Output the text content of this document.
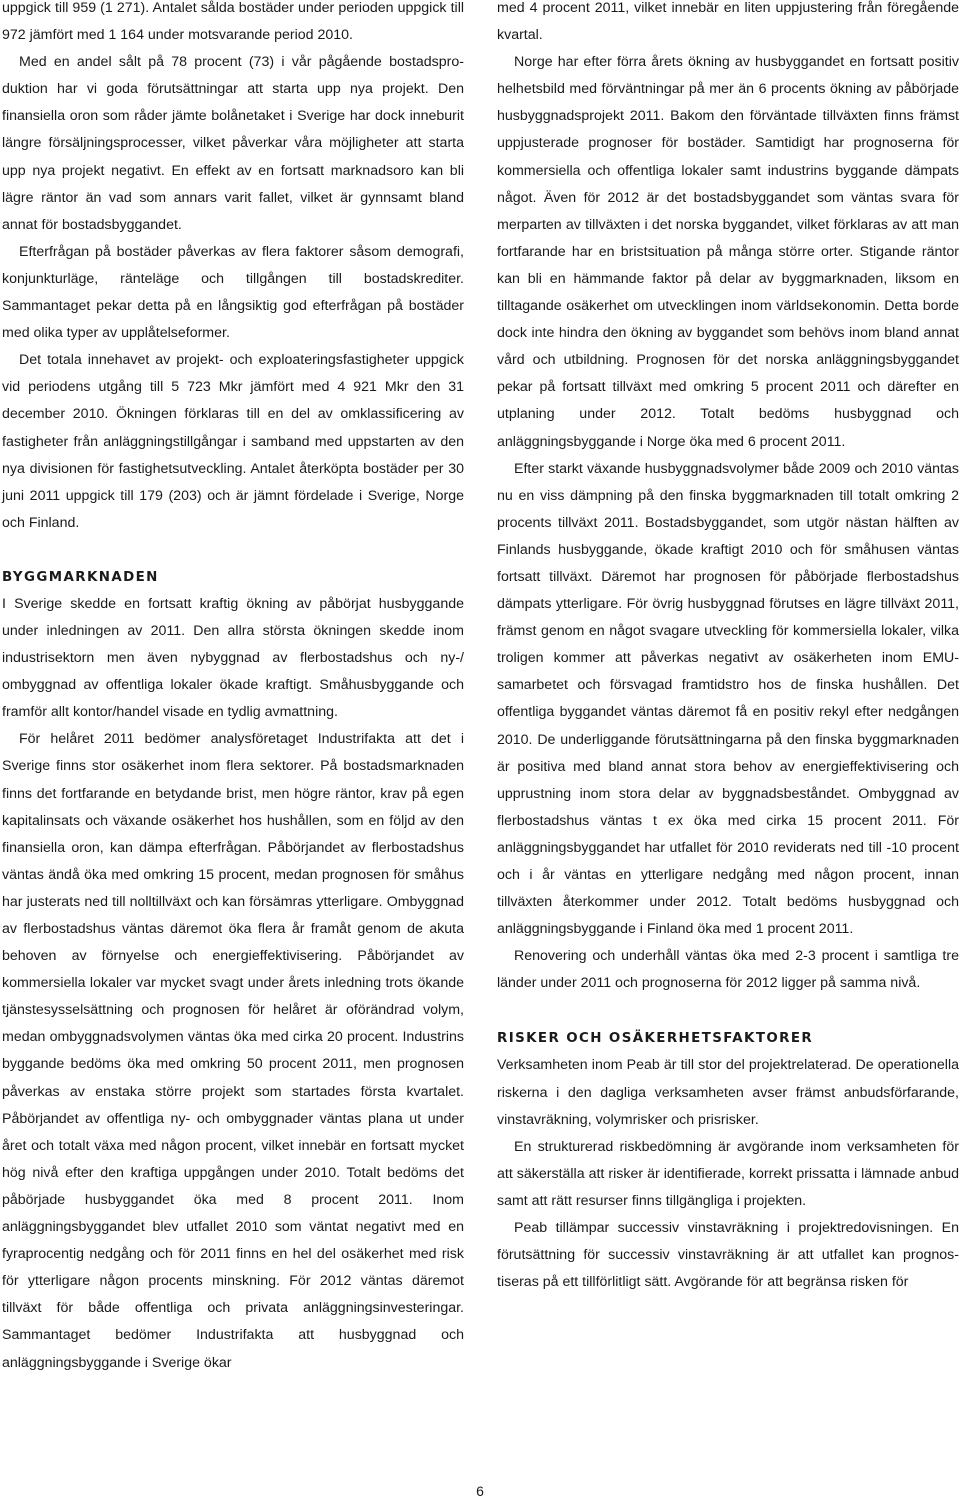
uppgick till 959 (1 271). Antalet sålda bostäder under perioden uppgick till 972 jämfört med 1 164 under motsvarande period 2010.

Med en andel sålt på 78 procent (73) i vår pågående bostadsproduktion har vi goda förutsättningar att starta upp nya projekt. Den finansiella oron som råder jämte bolånetaket i Sverige har dock inneburit längre försäljningsprocesser, vilket påverkar våra möjligheter att starta upp nya projekt negativt. En effekt av en fortsatt marknadsoro kan bli lägre räntor än vad som annars varit fallet, vilket är gynnsamt bland annat för bostadsbyggandet.

Efterfrågan på bostäder påverkas av flera faktorer såsom demografi, konjunkturläge, ränteläge och tillgången till bostadskrediter. Sammantaget pekar detta på en långsiktig god efterfrågan på bostäder med olika typer av upplåtelseformer.

Det totala innehavet av projekt- och exploateringsfastigheter uppgick vid periodens utgång till 5 723 Mkr jämfört med 4 921 Mkr den 31 december 2010. Ökningen förklaras till en del av omklassificering av fastigheter från anläggningstillgångar i samband med uppstarten av den nya divisionen för fastighetsutveckling. Antalet återköpta bostäder per 30 juni 2011 uppgick till 179 (203) och är jämnt fördelade i Sverige, Norge och Finland.

BYGGMARKNADEN

I Sverige skedde en fortsatt kraftig ökning av påbörjat husbyggande under inledningen av 2011. Den allra största ökningen skedde inom industrisektorn men även nybyggnad av flerbostadshus och ny-/ ombyggnad av offentliga lokaler ökade kraftigt. Småhusbyggande och framför allt kontor/handel visade en tydlig avmattning.

För helåret 2011 bedömer analysföretaget Industrifakta att det i Sverige finns stor osäkerhet inom flera sektorer. På bostadsmarknaden finns det fortfarande en betydande brist, men högre räntor, krav på egen kapitalinsats och växande osäkerhet hos hushållen, som en följd av den finansiella oron, kan dämpa efterfrågan. Påbörjandet av flerbostadshus väntas ändå öka med omkring 15 procent, medan prognosen för småhus har justerats ned till nolltillväxt och kan försämras ytterligare. Ombyggnad av flerbostadshus väntas däremot öka flera år framåt genom de akuta behoven av förnyelse och energieffektivisering. Påbörjandet av kommersiella lokaler var mycket svagt under årets inledning trots ökande tjänstesysselsättning och prognosen för helåret är oförändrad volym, medan ombyggnadsvolymen väntas öka med cirka 20 procent. Industrins byggande bedöms öka med omkring 50 procent 2011, men prognosen påverkas av enstaka större projekt som startades första kvartalet. Påbörjandet av offentliga ny- och ombyggnader väntas plana ut under året och totalt växa med någon procent, vilket innebär en fortsatt mycket hög nivå efter den kraftiga uppgången under 2010. Totalt bedöms det påbörjade husbyggandet öka med 8 procent 2011. Inom anläggningsbyggandet blev utfallet 2010 som väntat negativt med en fyraprocentig nedgång och för 2011 finns en hel del osäkerhet med risk för ytterligare någon procents minskning. För 2012 väntas däremot tillväxt för både offentliga och privata anläggningsinvesteringar. Sammantaget bedömer Industrifakta att husbyggnad och anläggningsbyggande i Sverige ökar

med 4 procent 2011, vilket innebär en liten uppjustering från föregående kvartal.

Norge har efter förra årets ökning av husbyggandet en fortsatt positiv helhetsbild med förväntningar på mer än 6 procents ökning av påbörjade husbyggnadsprojekt 2011. Bakom den förväntade tillväxten finns främst uppjusterade prognoser för bostäder. Samtidigt har prognoserna för kommersiella och offentliga lokaler samt industrins byggande dämpats något. Även för 2012 är det bostadsbyggandet som väntas svara för merparten av tillväxten i det norska byggandet, vilket förklaras av att man fortfarande har en bristsituation på många större orter. Stigande räntor kan bli en hämmande faktor på delar av byggmarknaden, liksom en tilltagande osäkerhet om utvecklingen inom världsekonomin. Detta borde dock inte hindra den ökning av byggandet som behövs inom bland annat vård och utbildning. Prognosen för det norska anläggningsbyggandet pekar på fortsatt tillväxt med omkring 5 procent 2011 och därefter en utplaning under 2012. Totalt bedöms husbyggnad och anläggningsbyggande i Norge öka med 6 procent 2011.

Efter starkt växande husbyggnadsvolymer både 2009 och 2010 väntas nu en viss dämpning på den finska byggmarknaden till totalt omkring 2 procents tillväxt 2011. Bostadsbyggandet, som utgör nästan hälften av Finlands husbyggande, ökade kraftigt 2010 och för småhusen väntas fortsatt tillväxt. Däremot har prognosen för påbörjade flerbostadshus dämpats ytterligare. För övrig husbyggnad förutses en lägre tillväxt 2011, främst genom en något svagare utveckling för kommersiella lokaler, vilka troligen kommer att påverkas negativt av osäkerheten inom EMU-samarbetet och försvagad framtidstro hos de finska hushållen. Det offentliga byggandet väntas däremot få en positiv rekyl efter nedgången 2010. De underliggande förutsättningarna på den finska byggmarknaden är positiva med bland annat stora behov av energieffektivisering och upprustning inom stora delar av byggnadsbeståndet. Ombyggnad av flerbostadshus väntas t ex öka med cirka 15 procent 2011. För anläggningsbyggandet har utfallet för 2010 reviderats ned till -10 procent och i år väntas en ytterligare nedgång med någon procent, innan tillväxten återkommer under 2012. Totalt bedöms husbyggnad och anläggningsbyggande i Finland öka med 1 procent 2011.

Renovering och underhåll väntas öka med 2-3 procent i samtliga tre länder under 2011 och prognoserna för 2012 ligger på samma nivå.

RISKER OCH OSÄKERHETSFAKTORER

Verksamheten inom Peab är till stor del projektrelaterad. De operationella riskerna i den dagliga verksamheten avser främst anbudsförfarande, vinstavräkning, volymrisker och prisrisker.

En strukturerad riskbedömning är avgörande inom verksamheten för att säkerställa att risker är identifierade, korrekt prissatta i lämnade anbud samt att rätt resurser finns tillgängliga i projekten.

Peab tillämpar successiv vinstavräkning i projektredovisningen. En förutsättning för successiv vinstavräkning är att utfallet kan prognostiseras på ett tillförlitligt sätt. Avgörande för att begränsa risken för

6
